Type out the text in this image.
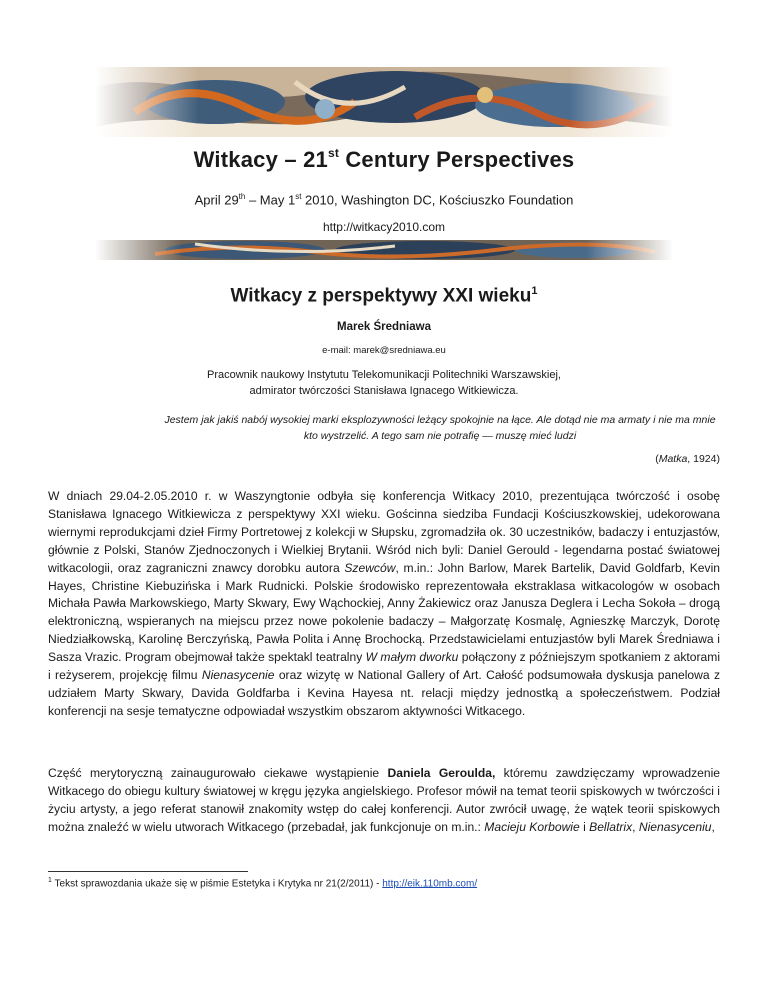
Witkacy – 21st Century Perspectives
April 29th – May 1st 2010, Washington DC, Kościuszko Foundation
http://witkacy2010.com
Witkacy z perspektywy XXI wieku$^1$
Marek Średniawa
e-mail: marek@sredniawa.eu
Pracownik naukowy Instytutu Telekomunikacji Politechniki Warszawskiej,
admirator twórczości Stanisława Ignacego Witkiewicza.
Jestem jak jakiś nabój wysokiej marki eksplozywności leżący spokojnie na łące. Ale dotąd nie ma armaty i nie ma mnie kto wystrzelić. A tego sam nie potrafię — muszę mieć ludzi
(Matka, 1924)

W dniach 29.04-2.05.2010 r. w Waszyngtonie odbyła się konferencja Witkacy 2010, prezentująca twórczość i osobę Stanisława Ignacego Witkiewicza z perspektywy XXI wieku. Gościnna siedziba Fundacji Kościuszkowskiej, udekorowana wiernymi reprodukcjami dzieł Firmy Portretowej z kolekcji w Słupsku, zgromadziła ok. 30 uczestników, badaczy i entuzjastów, głównie z Polski, Stanów Zjednoczonych i Wielkiej Brytanii. Wśród nich byli: Daniel Gerould - legendarna postać światowej witkacologii, oraz zagraniczni znawcy dorobku autora Szewców, m.in.: John Barlow, Marek Bartelik, David Goldfarb, Kevin Hayes, Christine Kiebuzińska i Mark Rudnicki. Polskie środowisko reprezentowała ekstraklasa witkacologów w osobach Michała Pawła Markowskiego, Marty Skwary, Ewy Wąchockiej, Anny Żakiewicz oraz Janusza Deglera i Lecha Sokoła – drogą elektroniczną, wspieranych na miejscu przez nowe pokolenie badaczy – Małgorzatę Kosmalę, Agnieszkę Marczyk, Dorotę Niedziałkowską, Karolinę Berczyńską, Pawła Polita i Annę Brochocką. Przedstawicielami entuzjastów byli Marek Średniawa i Sasza Vrazic. Program obejmował także spektakl teatralny W małym dworku połączony z późniejszym spotkaniem z aktorami i reżyserem, projekcję filmu Nienasycenie oraz wizytę w National Gallery of Art. Całość podsumowała dyskusja panelowa z udziałem Marty Skwary, Davida Goldfarba i Kevina Hayesa nt. relacji między jednostką a społeczeństwem. Podział konferencji na sesje tematyczne odpowiadał wszystkim obszarom aktywności Witkacego.

Część merytoryczną zainaugurowało ciekawe wystąpienie Daniela Geroulda, któremu zawdzięczamy wprowadzenie Witkacego do obiegu kultury światowej w kręgu języka angielskiego. Profesor mówił na temat teorii spiskowych w twórczości i życiu artysty, a jego referat stanowił znakomity wstęp do całej konferencji. Autor zwrócił uwagę, że wątek teorii spiskowych można znaleźć w wielu utworach Witkacego (przebadał, jak funkcjonuje on m.in.: Macieju Korbowie i Bellatrix, Nienasyceniu,

$^1$ Tekst sprawozdania ukaże się w piśmie Estetyka i Krytyka nr 21(2/2011) - http://eik.110mb.com/
